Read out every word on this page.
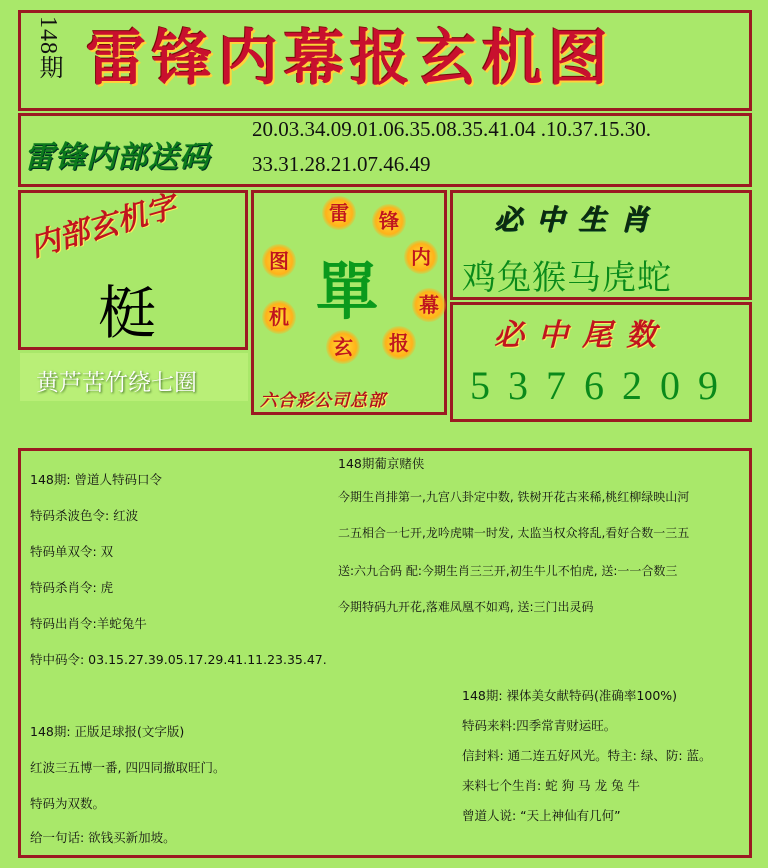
148期 雷锋内幕报玄机图
雷锋内部送码
20.03.34.09.01.06.35.08.35.41.04 .10.37.15.30.
33.31.28.21.07.46.49
内部玄机字
梃
黄芦苦竹绕七圈
雷	锋
内
幕
报
玄
机
图 單
六合彩公司总部
必中生肖
鸡兔猴马虎蛇
必中尾数
5376209
148期: 曾道人特码口令
特码杀波色令: 红波
特码单双令: 双
特码杀肖令: 虎
特码出肖令:羊蛇兔牛
特中码令: 03.15.27.39.05.17.29.41.11.23.35.47.
148期葡京赌侠
今期生肖排第一,九宫八卦定中数, 铁树开花古来稀,桃红柳绿映山河
二五相合一七开,龙吟虎啸一时发, 太监当权众将乱,看好合数一三五
送:六九合码 配:今期生肖三三开,初生牛儿不怕虎, 送:一一合数三
今期特码九开花,落难凤凰不如鸡, 送:三门出灵码
148期: 正版足球报(文字版)
红波三五博一番, 四四同撤取旺门。
特码为双数。
给一句话: 欲钱买新加坡。
148期: 裸体美女献特码(准确率100%)
特码来料:四季常青财运旺。
信封料: 通二连五好风光。特主: 绿、防: 蓝。
来料七个生肖: 蛇 狗 马 龙 兔 牛
曾道人说: “天上神仙有几何”
